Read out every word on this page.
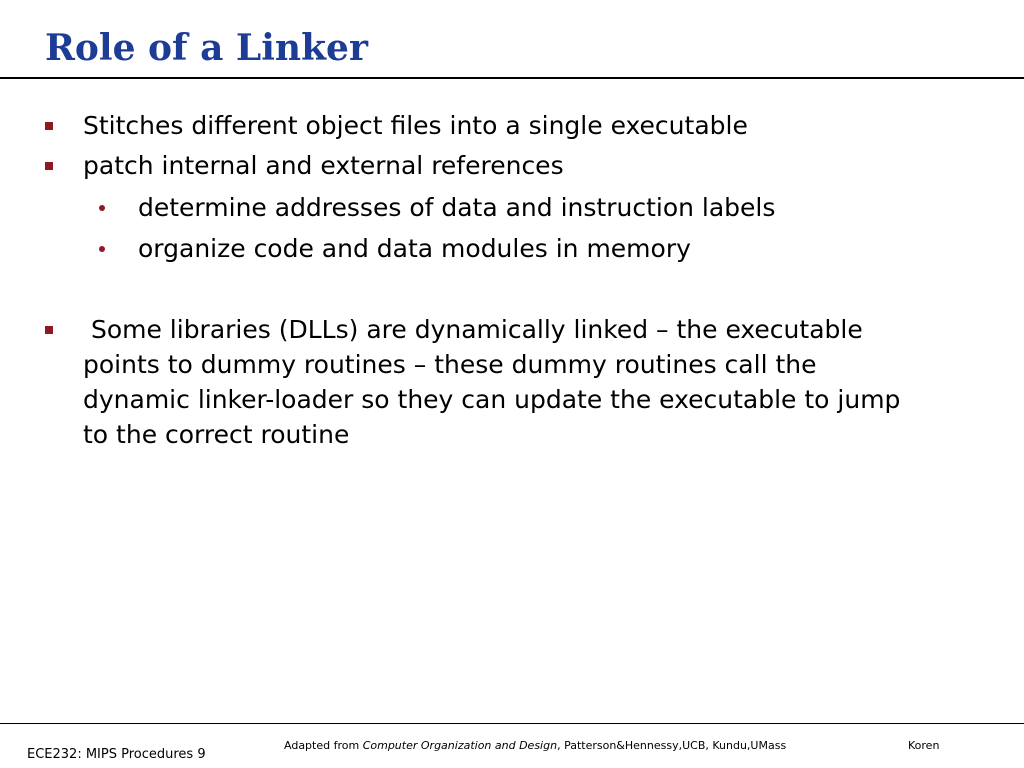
Role of a Linker

Stitches different object files into a single executable

patch internal and external references

determine addresses of data and instruction labels

organize code and data modules in memory

Some libraries (DLLs) are dynamically linked – the executable points to dummy routines – these dummy routines call the dynamic linker-loader so they can update the executable to jump to the correct routine

ECE232: MIPS Procedures 9
Adapted from Computer Organization and Design, Patterson&Hennessy,UCB, Kundu,UMass	Koren
